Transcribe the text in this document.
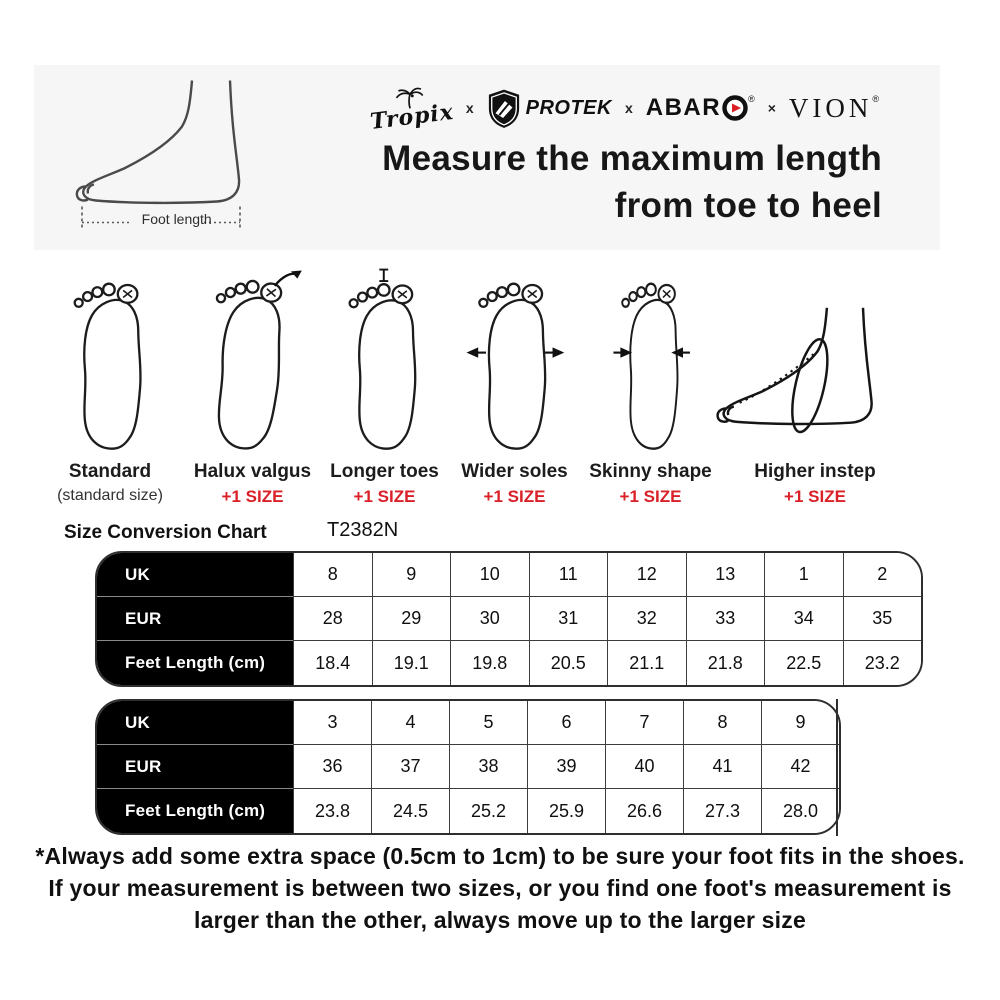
Foot length
Tropix x	PROTEK x ABAR	®
× VION ®
Measure the maximum length
from toe to heel
Standard
(standard size)
Halux valgus
+1 SIZE
Longer toes
+1 SIZE
Wider soles
+1 SIZE
Skinny shape
+1 SIZE
Higher instep
+1 SIZE
Size Conversion Chart	T2382N
UK	8	9	10	11	12	13	1	2
EUR	28	29	30	31	32	33	34	35
Feet Length (cm)	18.4	19.1	19.8	20.5	21.1	21.8	22.5	23.2
UK	3	4	5	6	7	8	9
EUR	36	37	38	39	40	41	42
Feet Length (cm)	23.8	24.5	25.2	25.9	26.6	27.3	28.0
*Always add some extra space (0.5cm to 1cm) to be sure your foot fits in the shoes.
If your measurement is between two sizes, or you find one foot's measurement is
larger than the other, always move up to the larger size
